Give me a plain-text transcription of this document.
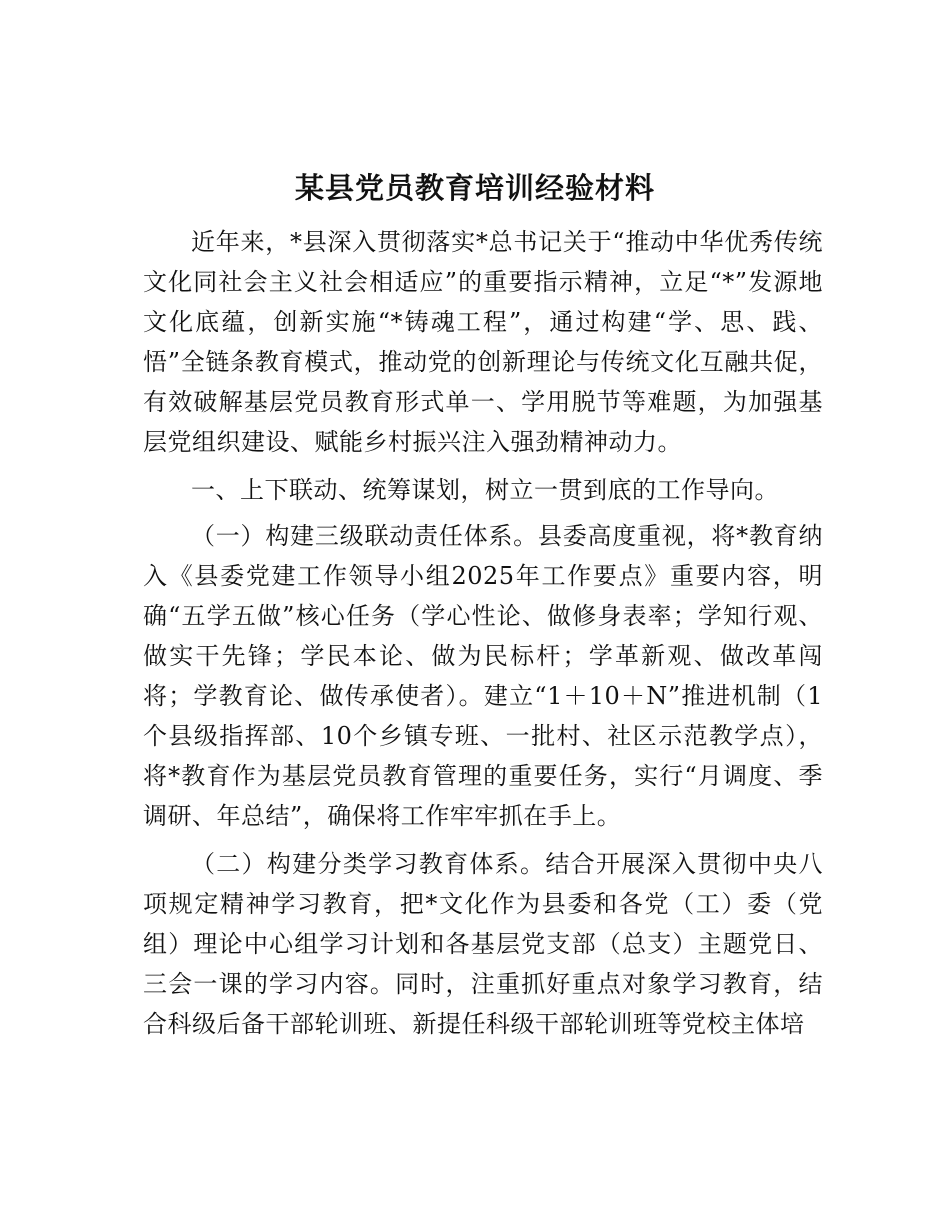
某县党员教育培训经验材料

近年来，*县深入贯彻落实*总书记关于“推动中华优秀传统文化同社会主义社会相适应”的重要指示精神，立足“*”发源地文化底蕴，创新实施“*铸魂工程”，通过构建“学、思、践、悟”全链条教育模式，推动党的创新理论与传统文化互融共促，有效破解基层党员教育形式单一、学用脱节等难题，为加强基层党组织建设、赋能乡村振兴注入强劲精神动力。

一、上下联动、统筹谋划，树立一贯到底的工作导向。

（一）构建三级联动责任体系。县委高度重视，将*教育纳入《县委党建工作领导小组2025年工作要点》重要内容，明确“五学五做”核心任务（学心性论、做修身表率；学知行观、做实干先锋；学民本论、做为民标杆；学革新观、做改革闯将；学教育论、做传承使者）。建立“1＋10＋N”推进机制（1个县级指挥部、10个乡镇专班、一批村、社区示范教学点），将*教育作为基层党员教育管理的重要任务，实行“月调度、季调研、年总结”，确保将工作牢牢抓在手上。

（二）构建分类学习教育体系。结合开展深入贯彻中央八项规定精神学习教育，把*文化作为县委和各党（工）委（党组）理论中心组学习计划和各基层党支部（总支）主题党日、三会一课的学习内容。同时，注重抓好重点对象学习教育，结合科级后备干部轮训班、新提任科级干部轮训班等党校主体培
